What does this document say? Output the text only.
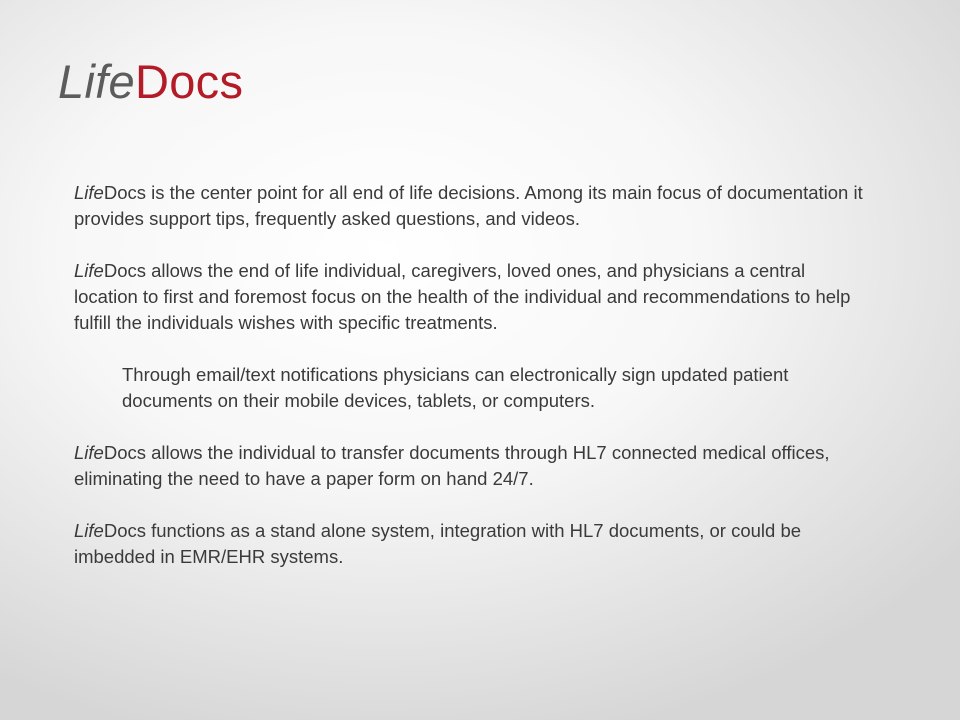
LifeDocs

LifeDocs is the center point for all end of life decisions. Among its main focus of documentation it provides support tips, frequently asked questions, and videos.

LifeDocs allows the end of life individual, caregivers, loved ones, and physicians a central location to first and foremost focus on the health of the individual and recommendations to help fulfill the individuals wishes with specific treatments.

Through email/text notifications physicians can electronically sign updated patient documents on their mobile devices, tablets, or computers.

LifeDocs allows the individual to transfer documents through HL7 connected medical offices, eliminating the need to have a paper form on hand 24/7.

LifeDocs functions as a stand alone system, integration with HL7 documents, or could be imbedded in EMR/EHR systems.
